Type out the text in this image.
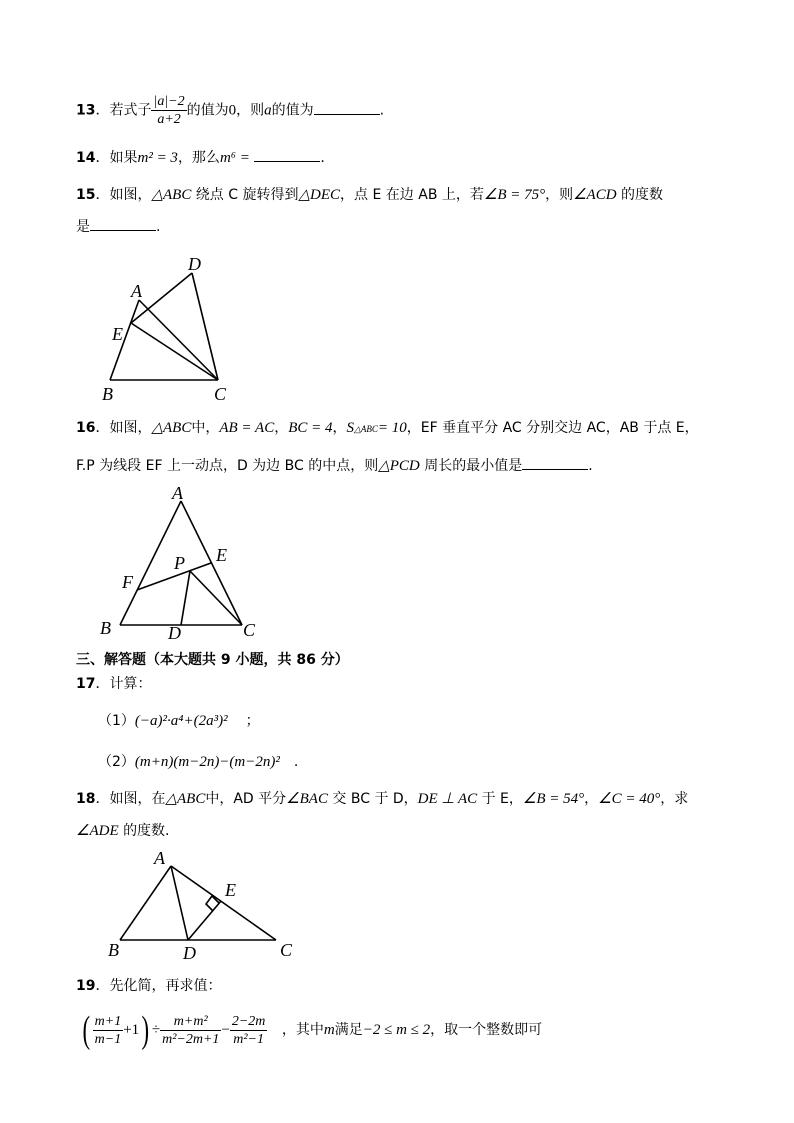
13．若式子 $\frac{|a|-2}{a+2}$ 的值为0，则a的值为	.
14．如果m² = 3，那么m⁶ =	.
15．如图，△ABC 绕点 C 旋转得到△DEC，点 E 在边 AB 上，若∠B = 75°，则∠ACD 的度数
是	.
A
D
E
B	C
16．如图，△ABC中，AB = AC，BC = 4，S△ABC= 10，EF 垂直平分 AC 分别交边 AC，AB 于点 E，
F.P 为线段 EF 上一动点，D 为边 BC 的中点，则△PCD 周长的最小值是	.
A
E
P
F
B	D	C
三、解答题（本大题共 9 小题，共 86 分）
17．计算：
（1）(−a)²·a⁴+(2a³)² ；
（2）(m+n)(m−2n)−(m−2n)² .
18．如图，在△ABC中，AD 平分∠BAC 交 BC 于 D，DE ⊥ AC 于 E，∠B = 54°，∠C = 40°，求
∠ADE 的度数.
A
E
B	D	C
19．先化简，再求值：
( $\frac{m+1}{m-1} +1) \div \frac{\text{m+m²}}{\text{m²−2m+1}} - \frac{2-2m}{\text{m²−1}}$ ，其中m满足−2 ≤ m ≤ 2，取一个整数即可
